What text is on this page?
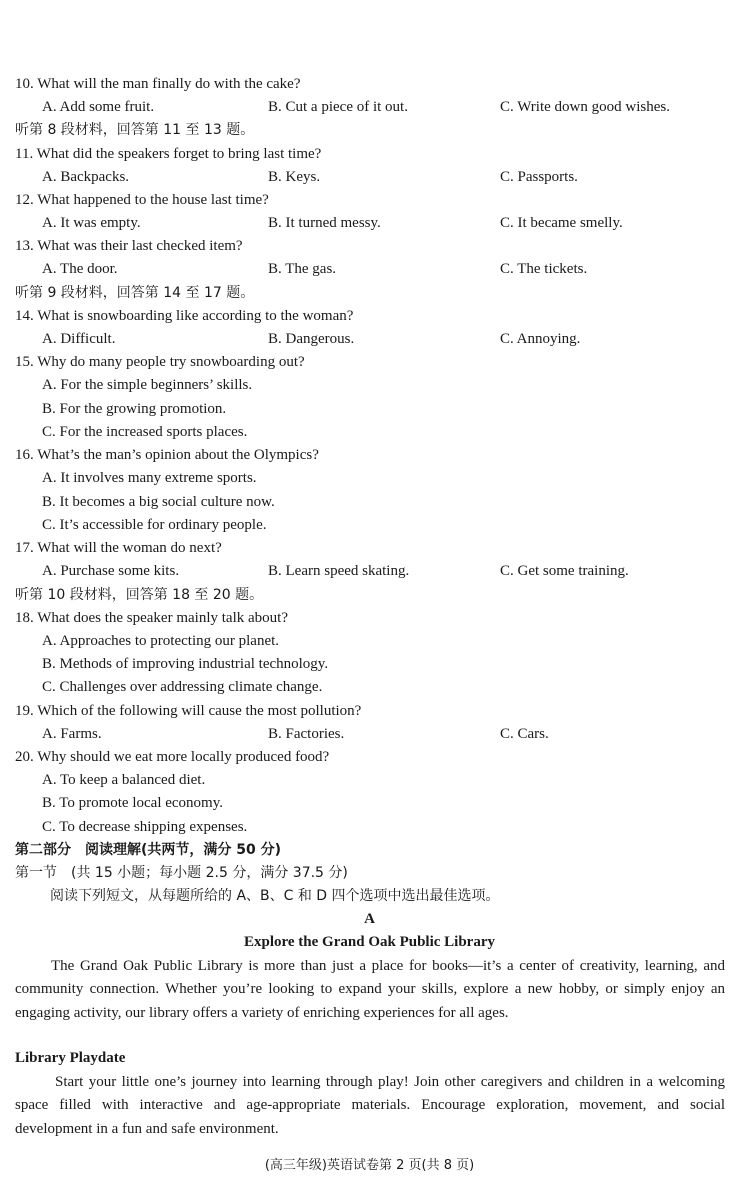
10. What will the man finally do with the cake?
A. Add some fruit.	B. Cut a piece of it out.	C. Write down good wishes.
听第 8 段材料，回答第 11 至 13 题。
11. What did the speakers forget to bring last time?
A. Backpacks.	B. Keys.	C. Passports.
12. What happened to the house last time?
A. It was empty.	B. It turned messy.	C. It became smelly.
13. What was their last checked item?
A. The door.	B. The gas.	C. The tickets.
听第 9 段材料，回答第 14 至 17 题。
14. What is snowboarding like according to the woman?
A. Difficult.	B. Dangerous.	C. Annoying.
15. Why do many people try snowboarding out?
A. For the simple beginners’ skills.
B. For the growing promotion.
C. For the increased sports places.
16. What’s the man’s opinion about the Olympics?
A. It involves many extreme sports.
B. It becomes a big social culture now.
C. It’s accessible for ordinary people.
17. What will the woman do next?
A. Purchase some kits.	B. Learn speed skating.	C. Get some training.
听第 10 段材料，回答第 18 至 20 题。
18. What does the speaker mainly talk about?
A. Approaches to protecting our planet.
B. Methods of improving industrial technology.
C. Challenges over addressing climate change.
19. Which of the following will cause the most pollution?
A. Farms.	B. Factories.	C. Cars.
20. Why should we eat more locally produced food?
A. To keep a balanced diet.
B. To promote local economy.
C. To decrease shipping expenses.
第二部分　阅读理解(共两节，满分 50 分)
第一节　(共 15 小题；每小题 2.5 分，满分 37.5 分)
阅读下列短文，从每题所给的 A、B、C 和 D 四个选项中选出最佳选项。
A
Explore the Grand Oak Public Library
The Grand Oak Public Library is more than just a place for books—it’s a center of creativity, learning, and community connection. Whether you’re looking to expand your skills, explore a new hobby, or simply enjoy an engaging activity, our library offers a variety of enriching experiences for all ages.
Library Playdate
Start your little one’s journey into learning through play! Join other caregivers and children in a welcoming space filled with interactive and age-appropriate materials. Encourage exploration, movement, and social development in a fun and safe environment.
(高三年级)英语试卷第 2 页(共 8 页)
